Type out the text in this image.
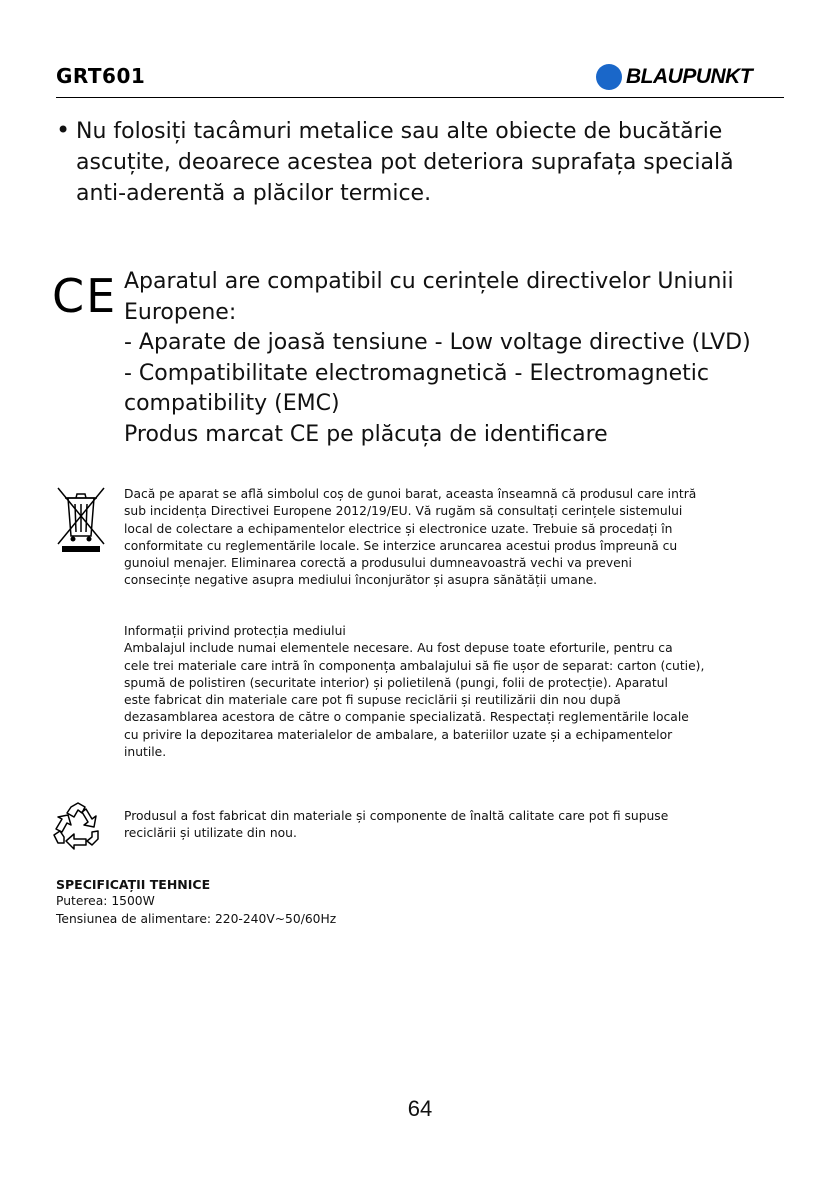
GRT601	BLAUPUNKT
• Nu folosiți tacâmuri metalice sau alte obiecte de bucătărie
ascuțite, deoarece acestea pot deteriora suprafața specială
anti-aderentă a plăcilor termice.
CE Aparatul are compatibil cu cerințele directivelor Uniunii
Europene:
- Aparate de joasă tensiune - Low voltage directive (LVD)
- Compatibilitate electromagnetică - Electromagnetic
compatibility (EMC)
Produs marcat CE pe plăcuța de identificare
Dacă pe aparat se află simbolul coș de gunoi barat, aceasta înseamnă că produsul care intră
sub incidența Directivei Europene 2012/19/EU. Vă rugăm să consultați cerințele sistemului
local de colectare a echipamentelor electrice și electronice uzate. Trebuie să procedați în
conformitate cu reglementările locale. Se interzice aruncarea acestui produs împreună cu
gunoiul menajer. Eliminarea corectă a produsului dumneavoastră vechi va preveni
consecințe negative asupra mediului înconjurător și asupra sănătății umane.
Informații privind protecția mediului
Ambalajul include numai elementele necesare. Au fost depuse toate eforturile, pentru ca
cele trei materiale care intră în componența ambalajului să fie ușor de separat: carton (cutie),
spumă de polistiren (securitate interior) și polietilenă (pungi, folii de protecție). Aparatul
este fabricat din materiale care pot fi supuse reciclării și reutilizării din nou după
dezasamblarea acestora de către o companie specializată. Respectați reglementările locale
cu privire la depozitarea materialelor de ambalare, a bateriilor uzate și a echipamentelor
inutile.
Produsul a fost fabricat din materiale și componente de înaltă calitate care pot fi supuse
reciclării și utilizate din nou.
SPECIFICAȚII TEHNICE
Puterea: 1500W
Tensiunea de alimentare: 220-240V~50/60Hz
64
